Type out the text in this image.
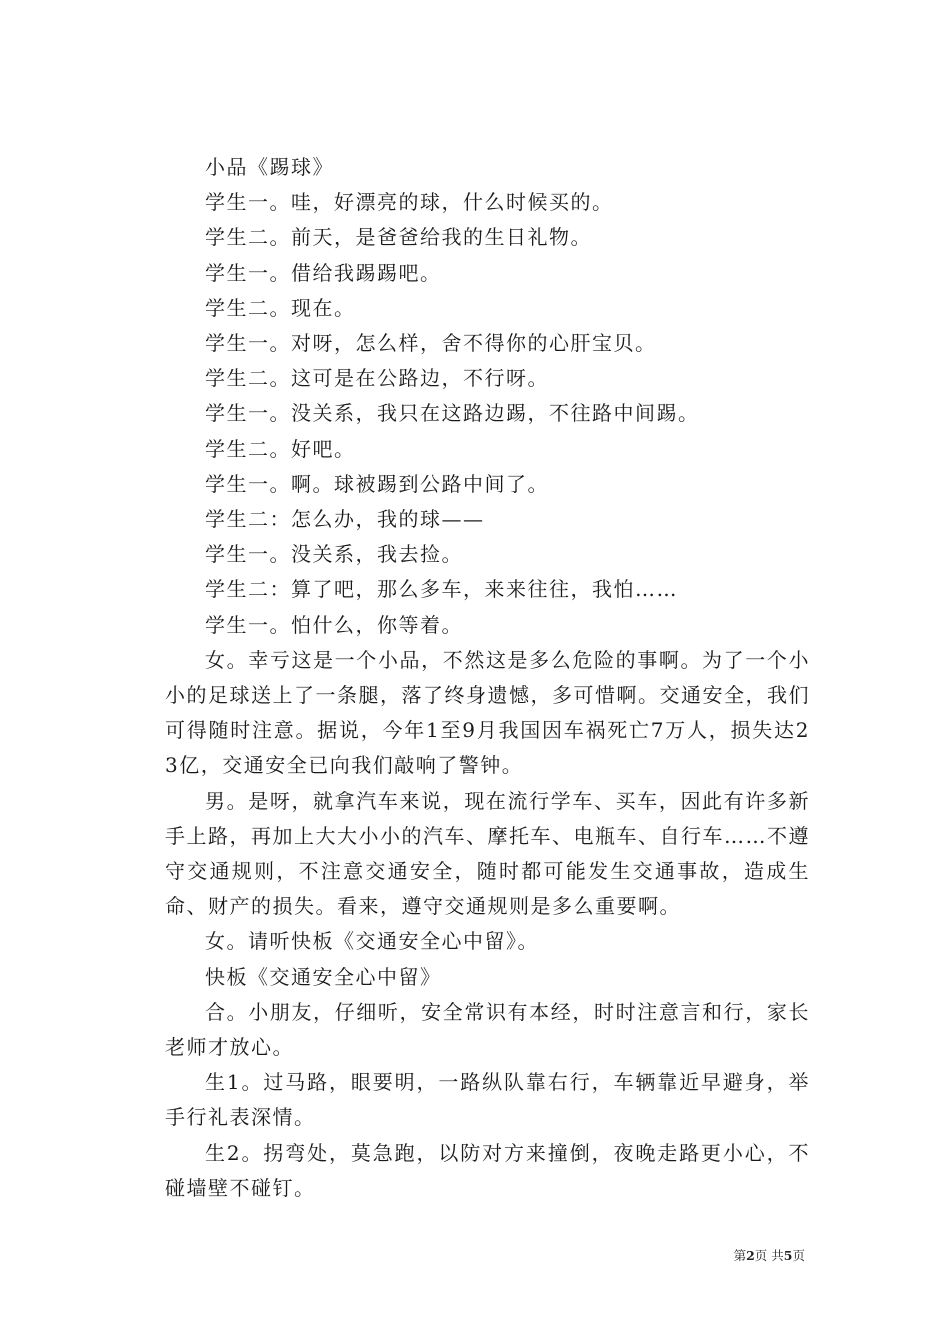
小品《踢球》

学生一。哇，好漂亮的球，什么时候买的。

学生二。前天，是爸爸给我的生日礼物。

学生一。借给我踢踢吧。

学生二。现在。

学生一。对呀，怎么样，舍不得你的心肝宝贝。

学生二。这可是在公路边，不行呀。

学生一。没关系，我只在这路边踢，不往路中间踢。

学生二。好吧。

学生一。啊。球被踢到公路中间了。

学生二：怎么办，我的球——

学生一。没关系，我去捡。

学生二：算了吧，那么多车，来来往往，我怕……

学生一。怕什么，你等着。

女。幸亏这是一个小品，不然这是多么危险的事啊。为了一个小小的足球送上了一条腿，落了终身遗憾，多可惜啊。交通安全，我们可得随时注意。据说，今年1至9月我国因车祸死亡7万人，损失达23亿，交通安全已向我们敲响了警钟。

男。是呀，就拿汽车来说，现在流行学车、买车，因此有许多新手上路，再加上大大小小的汽车、摩托车、电瓶车、自行车……不遵守交通规则，不注意交通安全，随时都可能发生交通事故，造成生命、财产的损失。看来，遵守交通规则是多么重要啊。

女。请听快板《交通安全心中留》。

快板《交通安全心中留》

合。小朋友，仔细听，安全常识有本经，时时注意言和行，家长老师才放心。

生1。过马路，眼要明，一路纵队靠右行，车辆靠近早避身，举手行礼表深情。

生2。拐弯处，莫急跑，以防对方来撞倒，夜晚走路更小心，不碰墙壁不碰钉。

第2页 共5页
